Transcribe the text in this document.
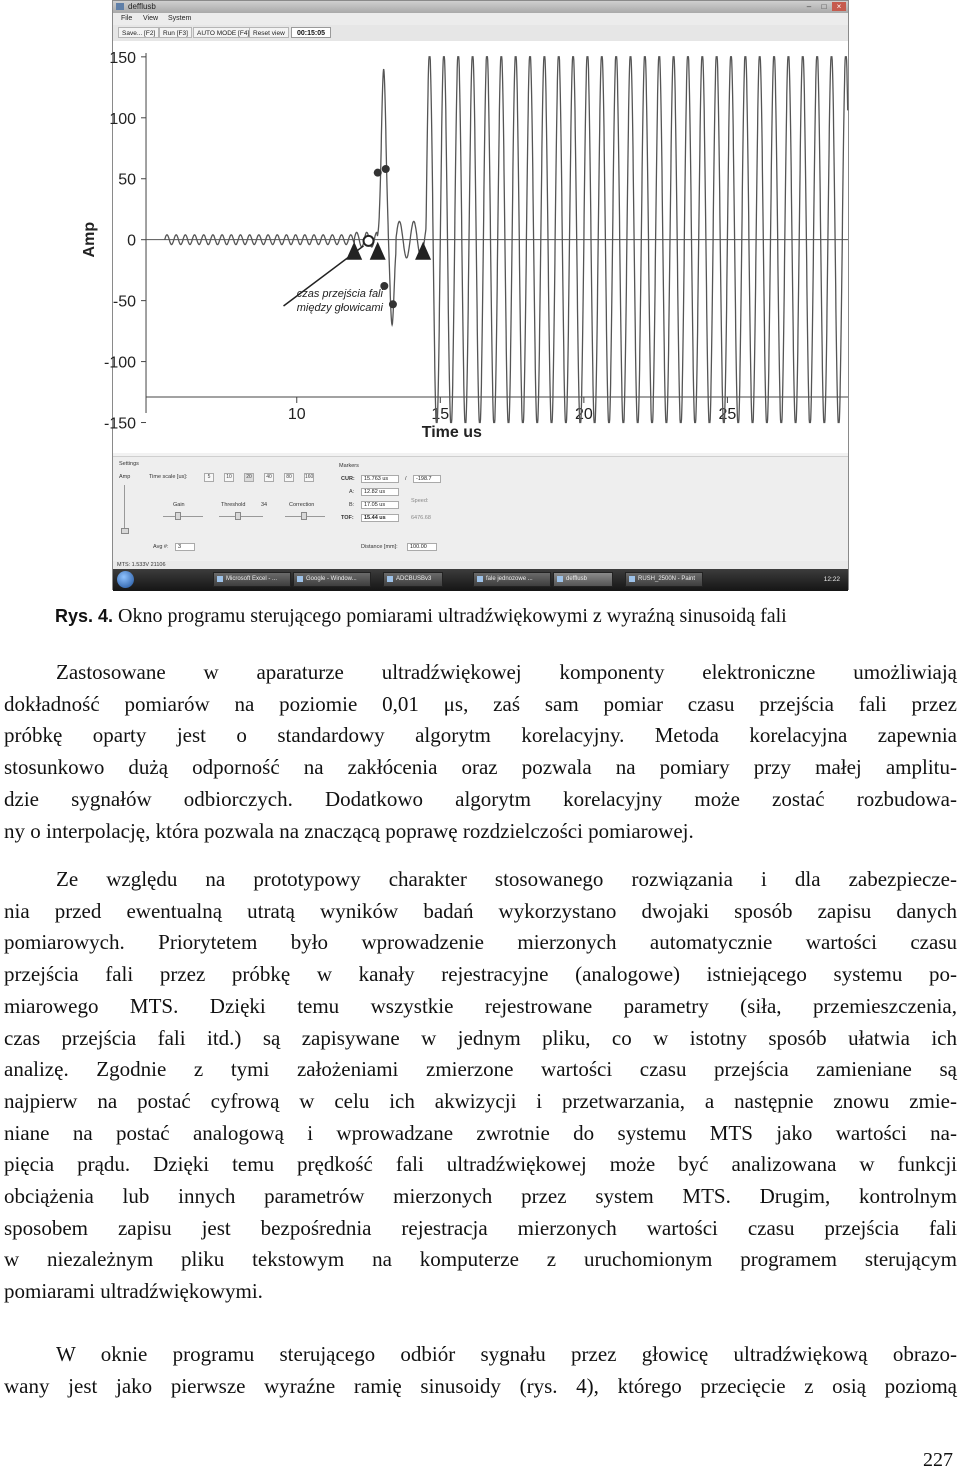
defflusb	–	□	×
File View System
Save... [F2]	Run [F3]	AUTO MODE [F4] Reset view	00:15:05
150
100
50
0
-50
-100
-150
10	15	20	25
Time us
Amp
czas przejścia fali
między głowicami
Settings
Amp	Time scale [us]:	5	10	20	40	80	160
Gain	Threshold	34	Correction
Avg #:	3
Markers
CUR:	15.763 us	/	-198.7
A:	12.82 us
B:	17.05 us
TOF:	15.44 us
Speed:
6476.68
Distance [mm]:	100.00
MTS: 1.533V 21106
Microsoft Excel - ...	Google - Window...	ADCBUSBv3	fale jednozowe ...	defflusb	RUSH_2500N - Paint	12:22
Rys. 4. Okno programu sterującego pomiarami ultradźwiękowymi z wyraźną sinusoidą fali
Zastosowane w aparaturze ultradźwiękowej komponenty elektroniczne umożliwiają
dokładność pomiarów na poziomie 0,01 μs, zaś sam pomiar czasu przejścia fali przez
próbkę oparty jest o standardowy algorytm korelacyjny. Metoda korelacyjna zapewnia
stosunkowo dużą odporność na zakłócenia oraz pozwala na pomiary przy małej amplitu-
dzie sygnałów odbiorczych. Dodatkowo algorytm korelacyjny może zostać rozbudowa-
ny o interpolację, która pozwala na znaczącą poprawę rozdzielczości pomiarowej.
Ze względu na prototypowy charakter stosowanego rozwiązania i dla zabezpiecze-
nia przed ewentualną utratą wyników badań wykorzystano dwojaki sposób zapisu danych
pomiarowych. Priorytetem było wprowadzenie mierzonych automatycznie wartości czasu
przejścia fali przez próbkę w kanały rejestracyjne (analogowe) istniejącego systemu po-
miarowego MTS. Dzięki temu wszystkie rejestrowane parametry (siła, przemieszczenia,
czas przejścia fali itd.) są zapisywane w jednym pliku, co w istotny sposób ułatwia ich
analizę. Zgodnie z tymi założeniami zmierzone wartości czasu przejścia zamieniane są
najpierw na postać cyfrową w celu ich akwizycji i przetwarzania, a następnie znowu zmie-
niane na postać analogową i wprowadzane zwrotnie do systemu MTS jako wartości na-
pięcia prądu. Dzięki temu prędkość fali ultradźwiękowej może być analizowana w funkcji
obciążenia lub innych parametrów mierzonych przez system MTS. Drugim, kontrolnym
sposobem zapisu jest bezpośrednia rejestracja mierzonych wartości czasu przejścia fali
w niezależnym pliku tekstowym na komputerze z uruchomionym programem sterującym
pomiarami ultradźwiękowymi.
W oknie programu sterującego odbiór sygnału przez głowicę ultradźwiękową obrazo-
wany jest jako pierwsze wyraźne ramię sinusoidy (rys. 4), którego przecięcie z osią poziomą
227
